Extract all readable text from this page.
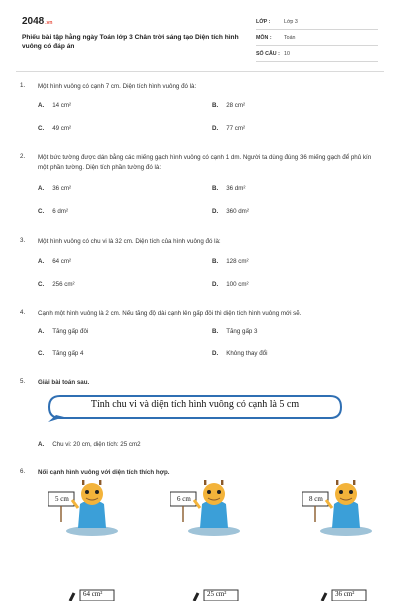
2048.vn
Phiếu bài tập hằng ngày Toán lớp 3 Chân trời sáng tạo Diện tích hình vuông có đáp án
LỚP :	Lớp 3
MÔN : Toán
SỐ CÂU : 10
1. Một hình vuông có cạnh 7 cm. Diện tích hình vuông đó là:
A. 14 cm²	B. 28 cm²
C. 49 cm²	D. 77 cm²
2. Một bức tường được dán bằng các miếng gạch hình vuông có cạnh 1 dm. Người ta dùng đúng 36 miếng gạch để phủ kín một phần tường. Diện tích phần tường đó là:
A. 36 cm²	B. 36 dm²
C. 6 dm²	D. 360 dm²
3. Một hình vuông có chu vi là 32 cm. Diện tích của hình vuông đó là:
A. 64 cm²	B. 128 cm²
C. 256 cm²	D. 100 cm²
4. Cạnh một hình vuông là 2 cm. Nếu tăng độ dài cạnh lên gấp đôi thì diện tích hình vuông mới sẽ.
A. Tăng gấp đôi	B. Tăng gấp 3
C. Tăng gấp 4	D. Không thay đổi
5. Giải bài toán sau.
Tính chu vi và diện tích hình vuông có cạnh là 5 cm
A. Chu vi: 20 cm, diện tích: 25 cm2
6. Nối cạnh hình vuông với diện tích thích hợp.
5 cm	6 cm	8 cm
64 cm²	25 cm²	36 cm²
